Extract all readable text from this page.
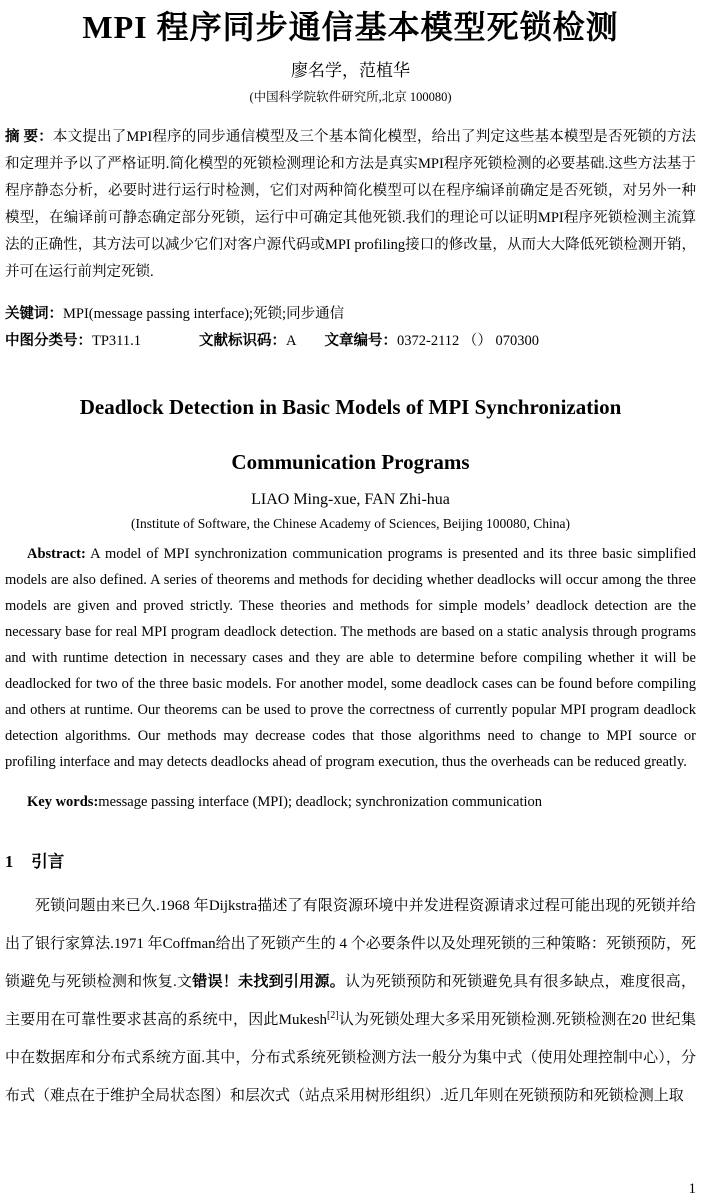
MPI 程序同步通信基本模型死锁检测
廖名学，范植华
(中国科学院软件研究所,北京 100080)

摘 要：本文提出了MPI程序的同步通信模型及三个基本简化模型，给出了判定这些基本模型是否死锁的方法和定理并予以了严格证明.简化模型的死锁检测理论和方法是真实MPI程序死锁检测的必要基础.这些方法基于程序静态分析，必要时进行运行时检测，它们对两种简化模型可以在程序编译前确定是否死锁，对另外一种模型，在编译前可静态确定部分死锁，运行中可确定其他死锁.我们的理论可以证明MPI程序死锁检测主流算法的正确性，其方法可以减少它们对客户源代码或MPI profiling接口的修改量，从而大大降低死锁检测开销，并可在运行前判定死锁.

关键词：MPI(message passing interface);死锁;同步通信
中图分类号：TP311.1	文献标识码：A 文章编号：0372-2112 （） 070300
Deadlock Detection in Basic Models of MPI Synchronization
Communication Programs
LIAO Ming-xue, FAN Zhi-hua
(Institute of Software, the Chinese Academy of Sciences, Beijing 100080, China)

Abstract: A model of MPI synchronization communication programs is presented and its three basic simplified models are also defined. A series of theorems and methods for deciding whether deadlocks will occur among the three models are given and proved strictly. These theories and methods for simple models’ deadlock detection are the necessary base for real MPI program deadlock detection. The methods are based on a static analysis through programs and with runtime detection in necessary cases and they are able to determine before compiling whether it will be deadlocked for two of the three basic models. For another model, some deadlock cases can be found before compiling and others at runtime. Our theorems can be used to prove the correctness of currently popular MPI program deadlock detection algorithms. Our methods may decrease codes that those algorithms need to change to MPI source or profiling interface and may detects deadlocks ahead of program execution, thus the overheads can be reduced greatly.

Key words:message passing interface (MPI); deadlock; synchronization communication
1 引言

死锁问题由来已久.1968 年Dijkstra描述了有限资源环境中并发进程资源请求过程可能出现的死锁并给出了银行家算法.1971 年Coffman给出了死锁产生的 4 个必要条件以及处理死锁的三种策略：死锁预防，死锁避免与死锁检测和恢复.文错误！未找到引用源。认为死锁预防和死锁避免具有很多缺点，难度很高，主要用在可靠性要求甚高的系统中，因此Mukesh[2]认为死锁处理大多采用死锁检测.死锁检测在20 世纪集中在数据库和分布式系统方面.其中，分布式系统死锁检测方法一般分为集中式（使用处理控制中心），分布式（难点在于维护全局状态图）和层次式（站点采用树形组织）.近几年则在死锁预防和死锁检测上取

1
